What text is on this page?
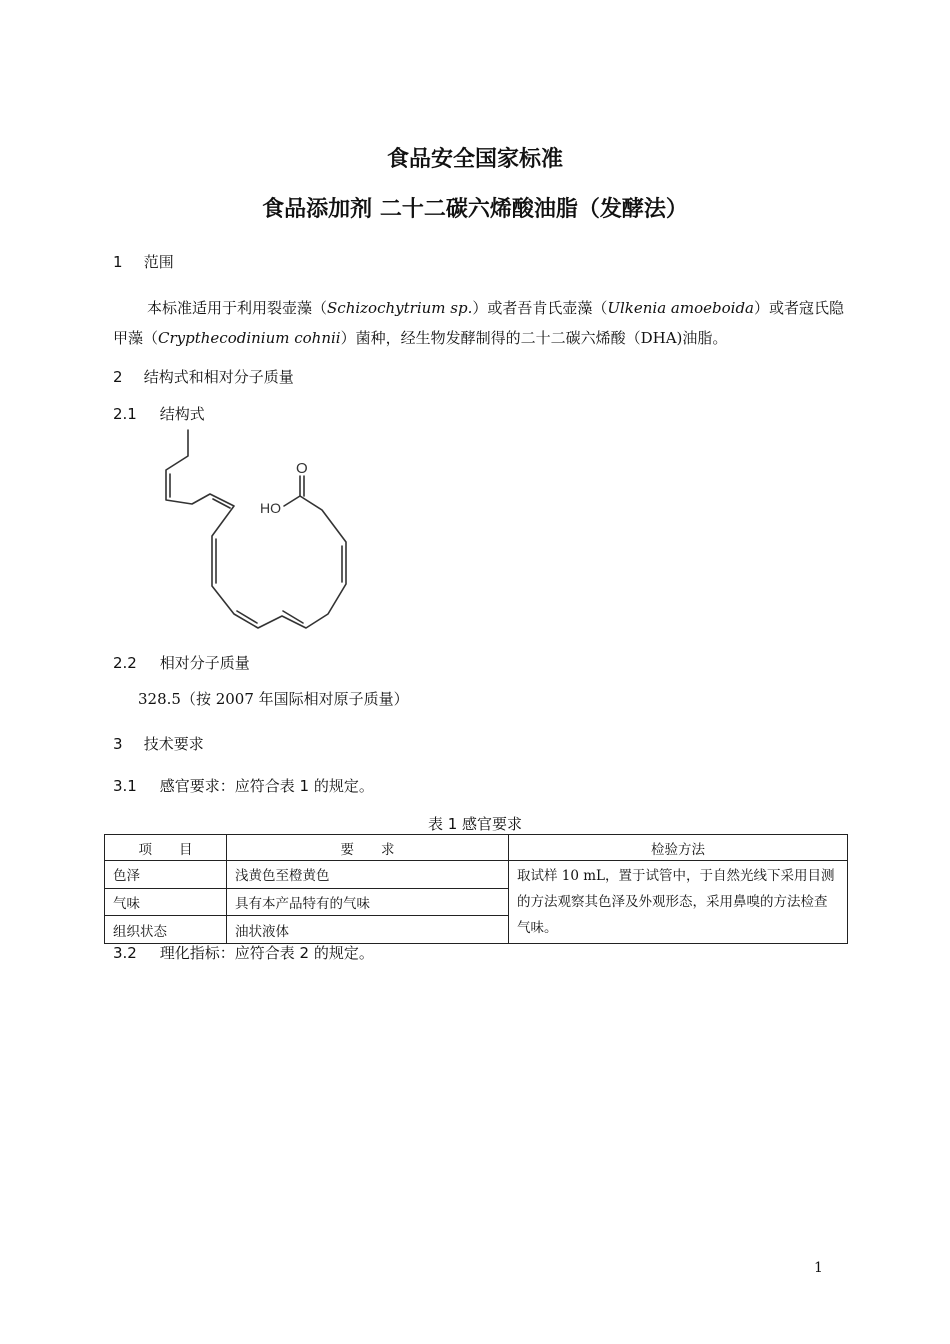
食品安全国家标准
食品添加剂 二十二碳六烯酸油脂（发酵法）
1 范围
本标准适用于利用裂壶藻（Schizochytrium sp.）或者吾肯氏壶藻（Ulkenia amoeboida）或者寇氏隐甲藻（Crypthecodinium cohnii）菌种，经生物发酵制得的二十二碳六烯酸（DHA)油脂。
2 结构式和相对分子质量
2.1 结构式
O
HO
2.2 相对分子质量
328.5（按 2007 年国际相对原子质量）
3 技术要求
3.1 感官要求：应符合表 1 的规定。
表 1 感官要求
项　　目	要　　求	检验方法
色泽	浅黄色至橙黄色	取试样 10 mL，置于试管中，于自然光线下采用目测的方法观察其色泽及外观形态，采用鼻嗅的方法检查气味。
气味	具有本产品特有的气味	
组织状态	油状液体	
3.2 理化指标：应符合表 2 的规定。
1
